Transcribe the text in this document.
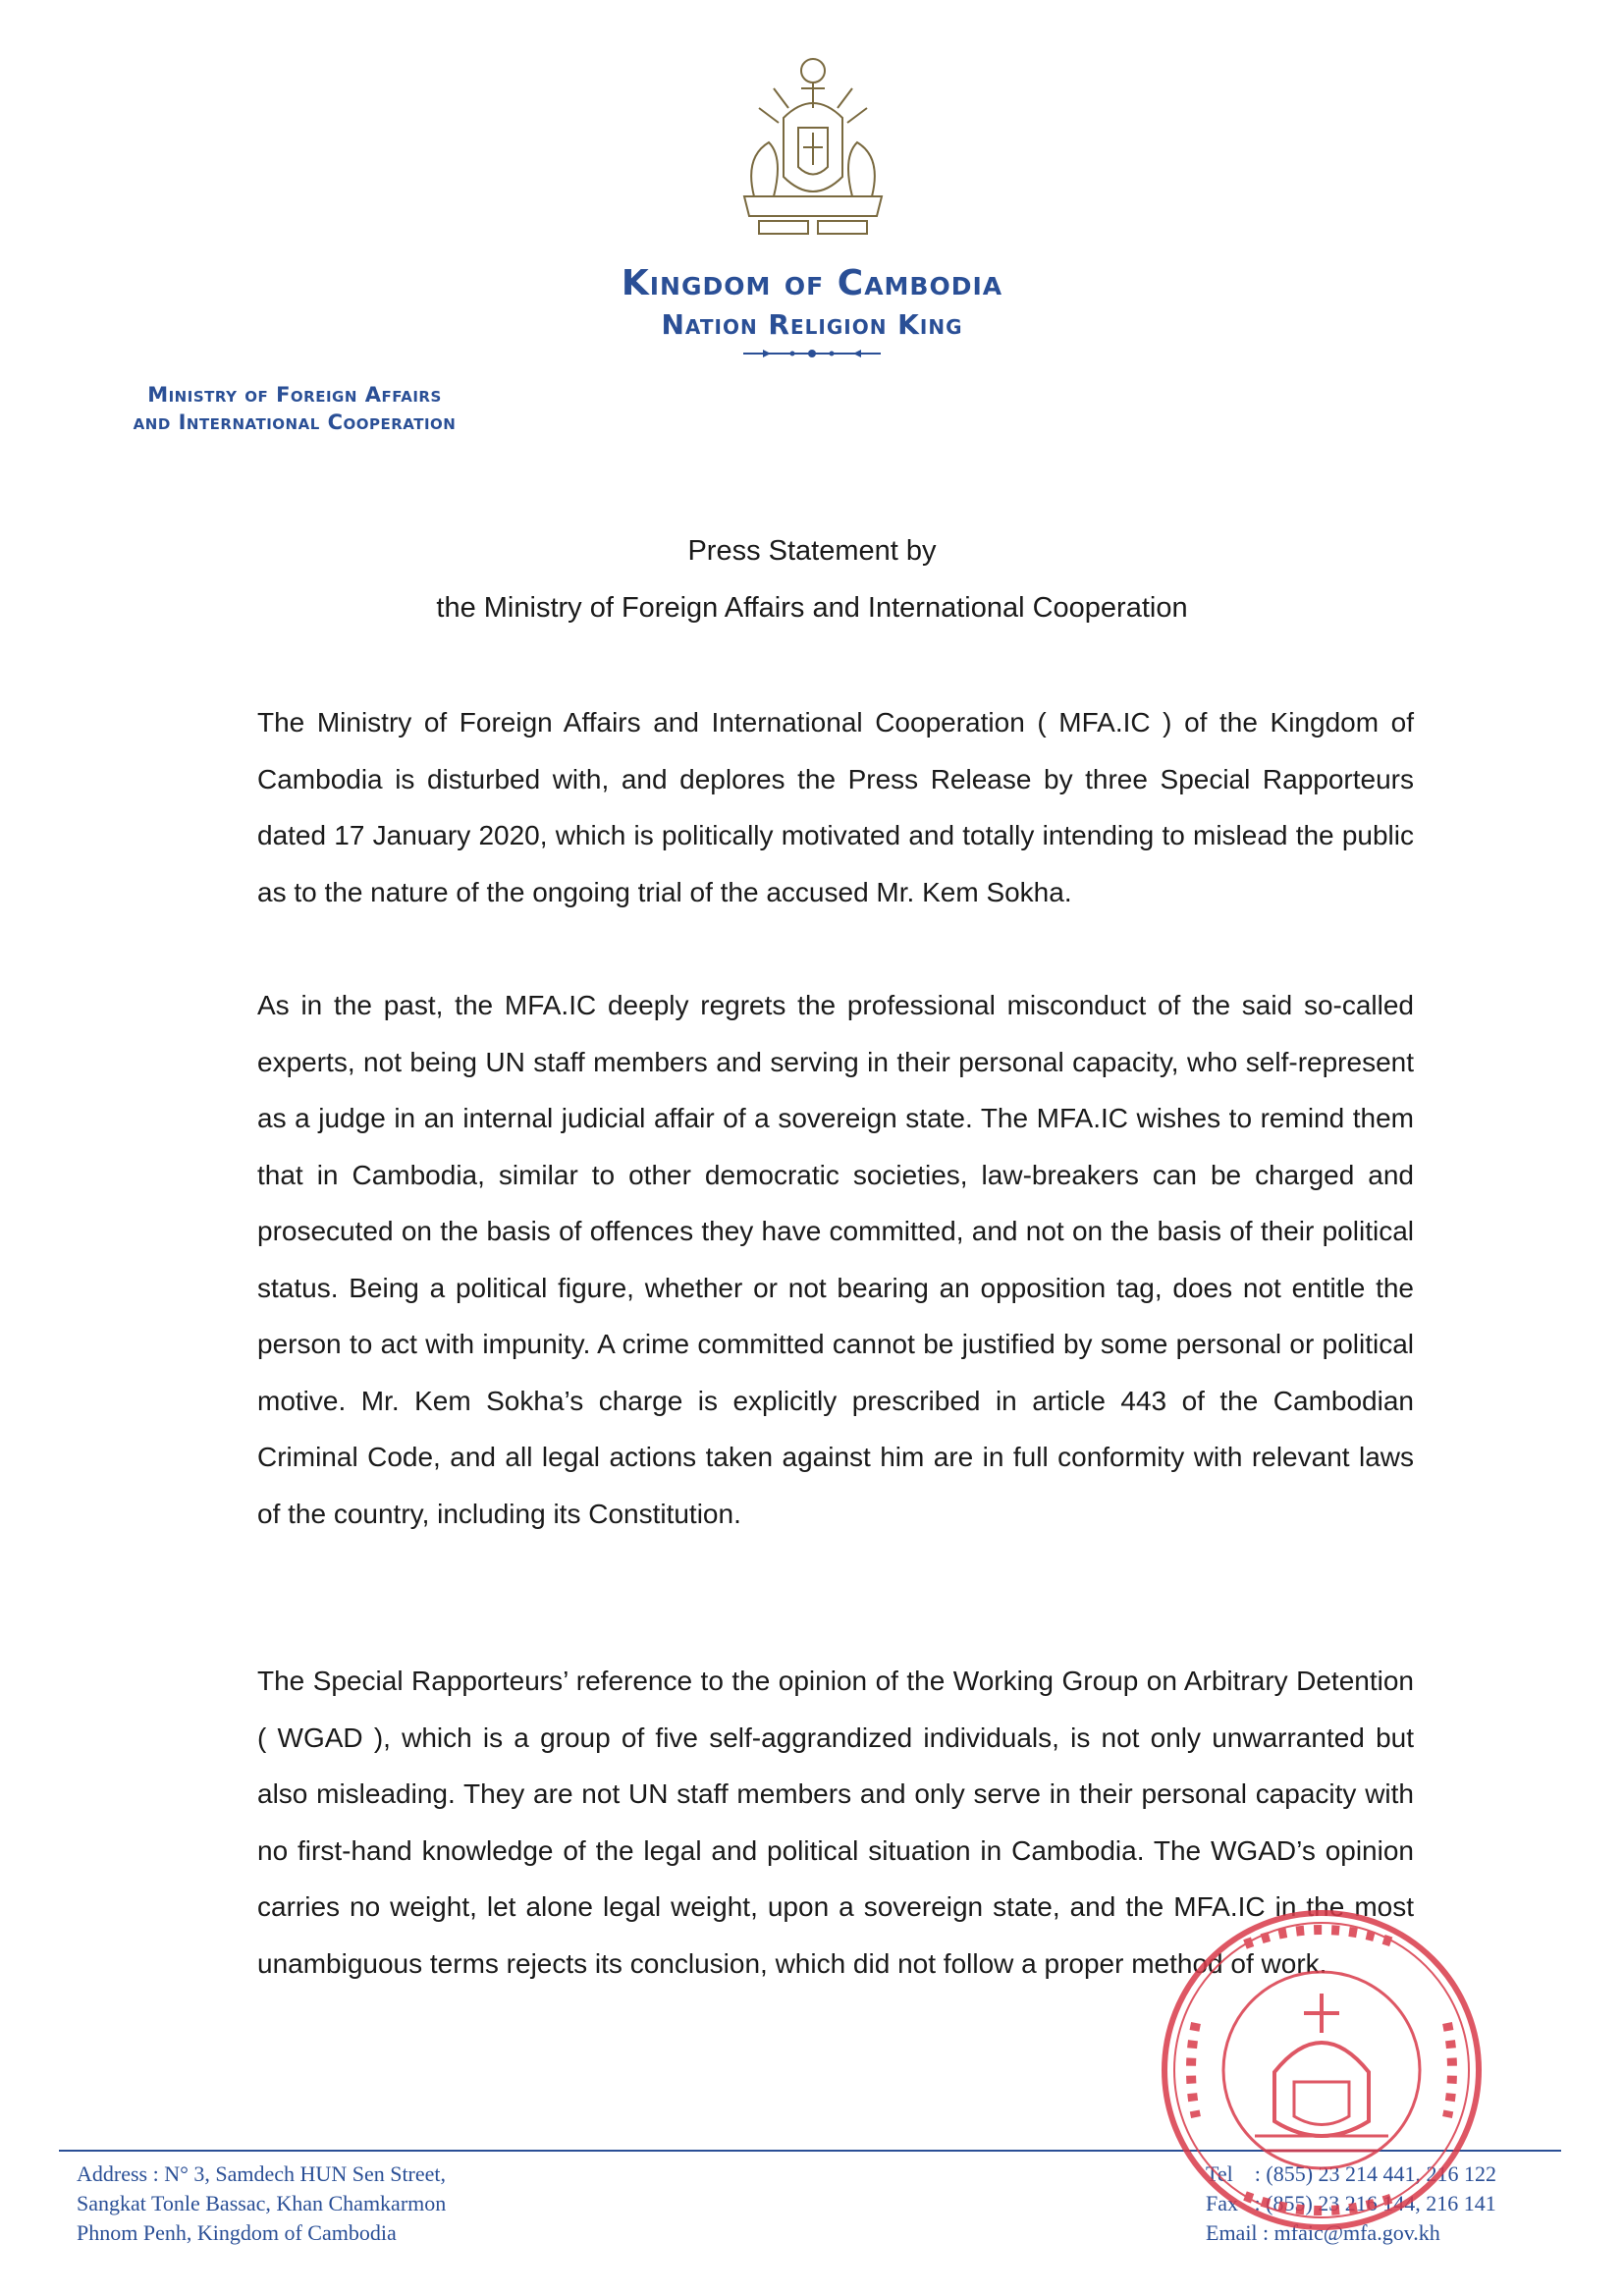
Kingdom of Cambodia
Nation Religion King
Ministry of Foreign Affairs
and International Cooperation
Press Statement by
the Ministry of Foreign Affairs and International Cooperation

The Ministry of Foreign Affairs and International Cooperation ( MFA.IC ) of the Kingdom of Cambodia is disturbed with, and deplores the Press Release by three Special Rapporteurs dated 17 January 2020, which is politically motivated and totally intending to mislead the public as to the nature of the ongoing trial of the accused Mr. Kem Sokha.

As in the past, the MFA.IC deeply regrets the professional misconduct of the said so-called experts, not being UN staff members and serving in their personal capacity, who self-represent as a judge in an internal judicial affair of a sovereign state. The MFA.IC wishes to remind them that in Cambodia, similar to other democratic societies, law-breakers can be charged and prosecuted on the basis of offences they have committed, and not on the basis of their political status. Being a political figure, whether or not bearing an opposition tag, does not entitle the person to act with impunity. A crime committed cannot be justified by some personal or political motive. Mr. Kem Sokha’s charge is explicitly prescribed in article 443 of the Cambodian Criminal Code, and all legal actions taken against him are in full conformity with relevant laws of the country, including its Constitution.

The Special Rapporteurs’ reference to the opinion of the Working Group on Arbitrary Detention ( WGAD ), which is a group of five self-aggrandized individuals, is not only unwarranted but also misleading. They are not UN staff members and only serve in their personal capacity with no first-hand knowledge of the legal and political situation in Cambodia. The WGAD’s opinion carries no weight, let alone legal weight, upon a sovereign state, and the MFA.IC in the most unambiguous terms rejects its conclusion, which did not follow a proper method of work.

Address : N° 3, Samdech HUN Sen Street,
Sangkat Tonle Bassac, Khan Chamkarmon
Phnom Penh, Kingdom of Cambodia
Tel    : (855) 23 214 441, 216 122
Fax   : (855) 23 216 144, 216 141
Email : mfaic@mfa.gov.kh
